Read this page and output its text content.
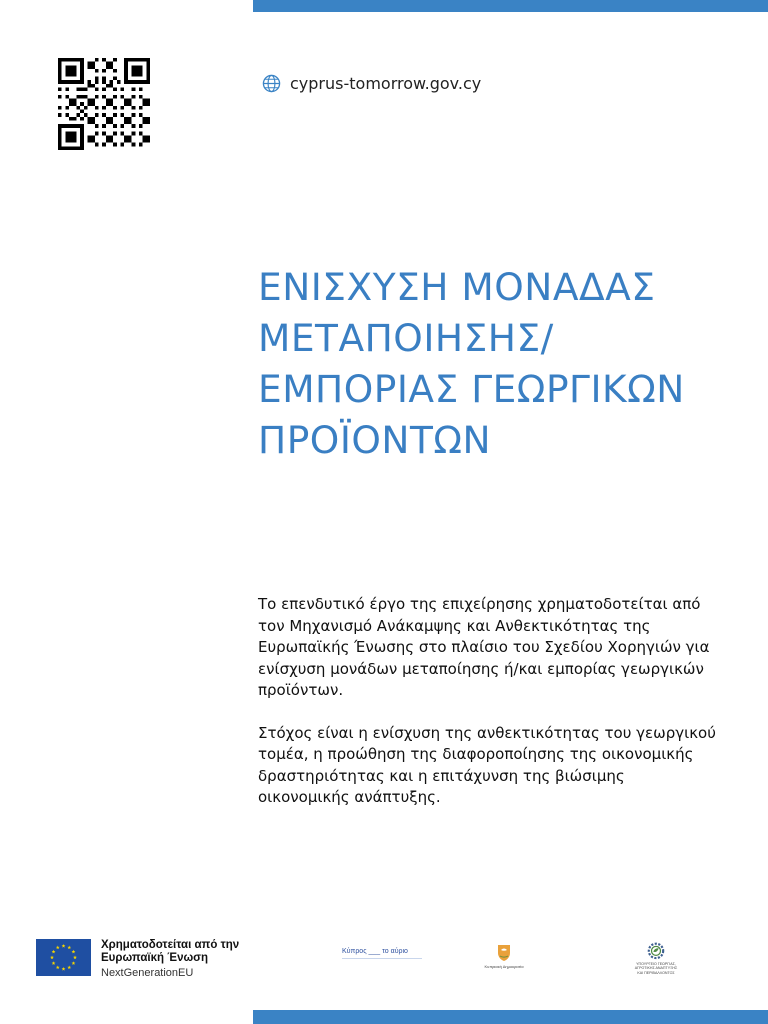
cyprus-tomorrow.gov.cy
ΕΝΙΣΧΥΣΗ ΜΟΝΑΔΑΣ
ΜΕΤΑΠΟΙΗΣΗΣ/
ΕΜΠΟΡΙΑΣ ΓΕΩΡΓΙΚΩΝ
ΠΡΟΪΟΝΤΩΝ

Το επενδυτικό έργο της επιχείρησης χρηματοδοτείται από τον Μηχανισμό Ανάκαμψης και Ανθεκτικότητας της Ευρωπαϊκής Ένωσης στο πλαίσιο του Σχεδίου Χορηγιών για ενίσχυση μονάδων μεταποίησης ή/και εμπορίας γεωργικών προϊόντων.

Στόχος είναι η ενίσχυση της ανθεκτικότητας του γεωργικού τομέα, η προώθηση της διαφοροποίησης της οικονομικής δραστηριότητας και η επιτάχυνση της βιώσιμης οικονομικής ανάπτυξης.

Χρηματοδοτείται από την
Ευρωπαϊκή Ένωση
NextGenerationEU
Κύπρος ___ το αύριο
Κυπριακή Δημοκρατία
ΥΠΟΥΡΓΕΙΟ ΓΕΩΡΓΙΑΣ, ΑΓΡΟΤΙΚΗΣ ΑΝΑΠΤΥΞΗΣ ΚΑΙ ΠΕΡΙΒΑΛΛΟΝΤΟΣ
